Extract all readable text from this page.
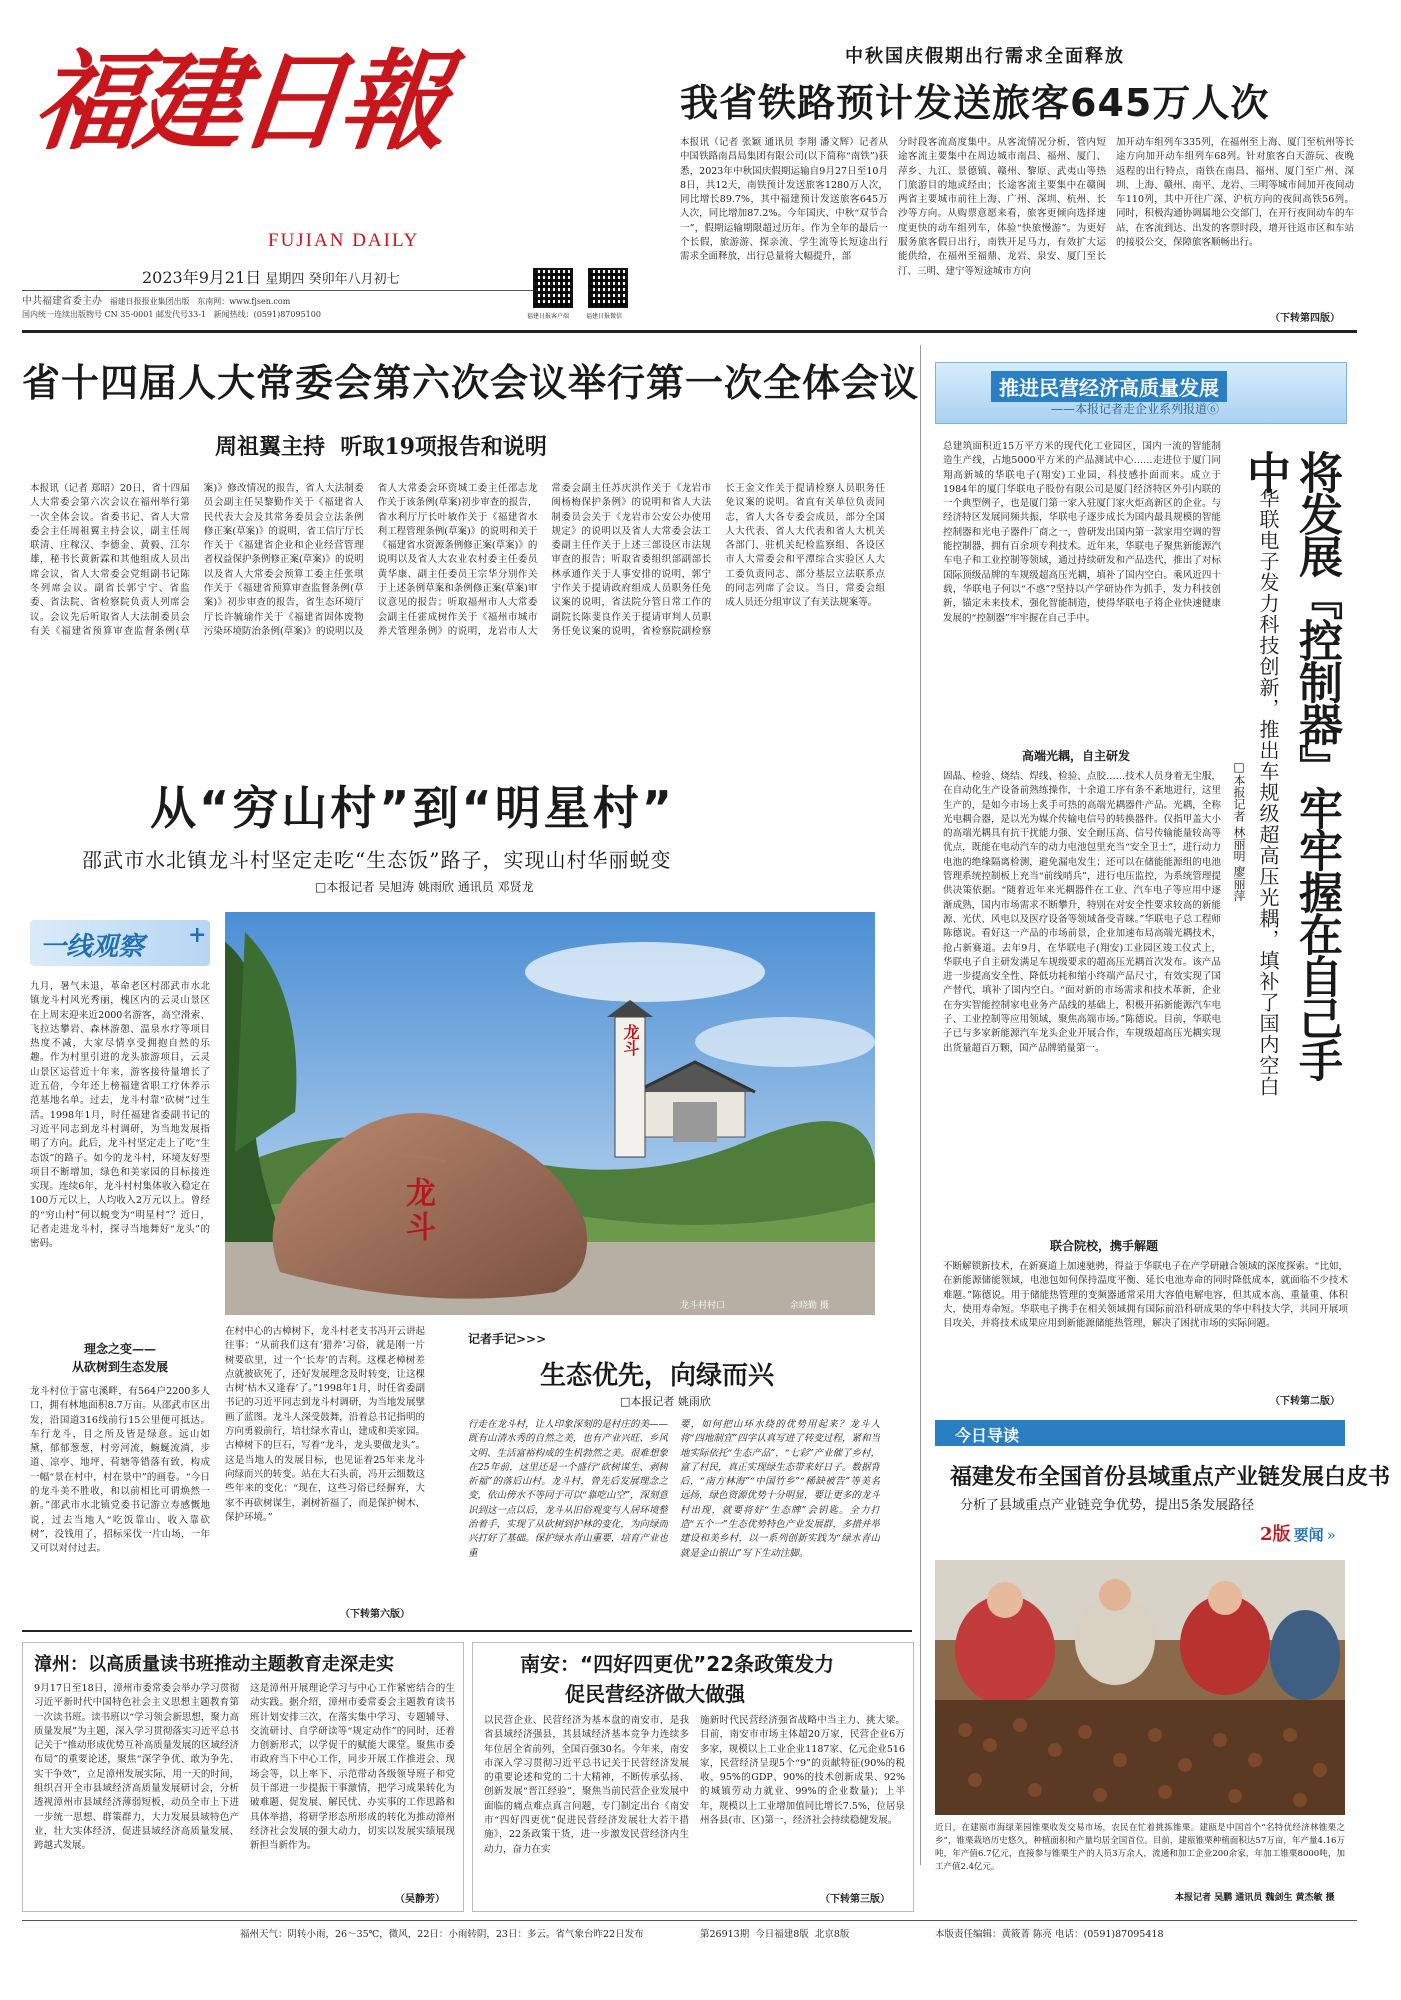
福建日報
FUJIAN DAILY
2023年9月21日 星期四 癸卯年八月初七
中共福建省委主办 福建日报报业集团出版 东南网：www.fjsen.com
国内统一连续出版物号 CN 35-0001 邮发代号33-1 新闻热线：(0591)87095100	福建日报客户端	福建日报微信
中秋国庆假期出行需求全面释放
我省铁路预计发送旅客645万人次
本报讯（记者 张颖 通讯员 李翔 潘文辉）记者从中国铁路南昌局集团有限公司(以下简称“南铁”)获悉，2023年中秋国庆假期运输自9月27日至10月8日，共12天，南铁预计发送旅客1280万人次，同比增长89.7%，其中福建预计发送旅客645万人次，同比增加87.2%。今年国庆、中秋“双节合一”，假期运输期限超过历年。作为全年的最后一个长假，旅游游、探亲流、学生流等长短途出行需求全面释放，出行总量将大幅提升，部
分时段客流高度集中。从客流情况分析，管内短途客流主要集中在周边城市南昌、福州、厦门、萍乡、九江、景德镇、赣州、黎原、武夷山等热门旅游目的地或经由；长途客流主要集中在赣闽两省主要城市前往上海、广州、深圳、杭州、长沙等方向。从购票意愿来看，旅客更倾向选择速度更快的动车组列车，体验“快旅慢游”。为更好服务旅客假日出行，南铁开足马力，有效扩大运能供给，在福州至福鼎、龙岩、泉安、厦门至长汀、三明、建宁等短途城市方向
加开动车组列车335列，在福州至上海、厦门至杭州等长途方向加开动车组列车68列。针对旅客白天游玩、夜晚返程的出行特点，南铁在南昌、福州、厦门至广州、深圳、上海、赣州、南平、龙岩、三明等城市间加开夜间动车110列，其中开往广深、沪杭方向的夜间高铁56列。同时，积极沟通协调属地公交部门，在开行夜间动车的车站，在客流到达、出发的客票时段，增开往返市区和车站的接驳公交，保障旅客顺畅出行。
（下转第四版）
省十四届人大常委会第六次会议举行第一次全体会议
周祖翼主持  听取19项报告和说明
本报讯（记者 郑昭）20日，省十四届人大常委会第六次会议在福州举行第一次全体会议。省委书记、省人大常委会主任周祖翼主持会议，副主任周联清、庄稼汉、李德金、黄毅、江尔雄，秘书长黄新霖和其他组成人员出席会议，省人大常委会党组副书记陈冬列席会议。副省长郭宁宁、省监委、省法院、省检察院负责人列席会议。会议先后听取省人大法制委员会有关《福建省预算审查监督条例(草案)》修改情况的报告，省人大法制委员会副主任吴黎勤作关于《福建省人民代表大会及其常务委员会立法条例修正案(草案)》的说明，省工信厅厅长作关于《福建省企业和企业经营管理者权益保护条例修正案(草案)》的说明以及省人大常委会预算工委主任张琪作关于《福建省预算审查监督条例(草案)》初步审查的报告，省生态环境厅厅长许毓瑜作关于《福建省固体废物污染环境防治条例(草案)》的说明以及省人大常委会环资城工委主任邵志龙作关于该条例(草案)初步审查的报告，省水利厅厅长叶敏作关于《福建省水利工程管理条例(草案)》的说明和关于《福建省水资源条例修正案(草案)》的说明以及省人大农业农村委主任委员黄华康、副主任委员王宗华分别作关于上述条例草案和条例修正案(草案)审议意见的报告；听取福州市人大常委会副主任霍成树作关于《福州市城市养犬管理条例》的说明，龙岩市人大常委会副主任苏庆洪作关于《龙岩市闽杨梅保护条例》的说明和省人大法制委员会关于《龙岩市公安公办使用规定》的说明以及省人大常委会法工委副主任作关于上述三部设区市法规审查的报告；听取省委组织部副部长林承通作关于人事安排的说明，郭宁宁作关于提请政府组成人员职务任免议案的说明，省法院分管日常工作的副院长陈斐良作关于提请审判人员职务任免议案的说明，省检察院副检察长王金文作关于提请检察人员职务任免议案的说明。省直有关单位负责同志，省人大各专委会成员，部分全国人大代表、省人大代表和省人大机关各部门、驻机关纪检监察组、各设区市人大常委会和平潭综合实验区人大工委负责同志、部分基层立法联系点的同志列席了会议。当日，常委会组成人员还分组审议了有关法规案等。
推进民营经济高质量发展
——本报记者走企业系列报道⑥
总建筑面积近15万平方米的现代化工业园区，国内一流的智能制造生产线，占地5000平方米的产品测试中心……走进位于厦门同翔高新城的华联电子(翔安)工业园，科技感扑面而来。成立于1984年的厦门华联电子股份有限公司是厦门经济特区外引内联的一个典型例子，也是厦门第一家入驻厦门家火炬高新区的企业。与经济特区发展同频共振，华联电子逐步成长为国内最具规模的智能控制器和光电子器件厂商之一，曾研发出国内第一款家用空调的智能控制器，拥有百余项专利技术。近年来，华联电子聚焦新能源汽车电子和工业控制等领域，通过持续研发和产品迭代，推出了对标国际顶级品牌的车规级超高压光耦，填补了国内空白。乘风近四十载，华联电子何以“不惑”?坚持以产学研协作为抓手，发力科技创新，锚定未来技术，强化智能制造，使得华联电子将企业快速健康发展的“控制器”牢牢握在自己手中。	将发展『控制器』牢牢握在自己手中
华联电子发力科技创新，推出车规级超高压光耦，填补了国内空白
□本报记者 林丽明 廖丽萍
高端光耦，自主研发
固晶、检验、烧结、焊线、检验、点胶……技术人员身着无尘服，在自动化生产设备前熟练操作，十余道工序有条不紊地进行，这里生产的，是如今市场上炙手可热的高端光耦器件产品。光耦，全称光电耦合器，是以光为媒介传输电信号的转换器件。仅指甲盖大小的高端光耦具有抗干扰能力强、安全耐压高、信号传输能量较高等优点，既能在电动汽车的动力电池包里充当“安全卫士”，进行动力电池的绝缘隔离检测，避免漏电发生；还可以在储能能源组的电池管理系统控制板上充当“前线哨兵”，进行电压监控，为系统管理提供决策依据。“随着近年来光耦器件在工业、汽车电子等应用中逐渐成熟，国内市场需求不断攀升，特别在对安全性要求较高的新能源、光伏、风电以及医疗设备等领域备受青睐。”华联电子总工程师陈德说。看好这一产品的市场前景，企业加速布局高端光耦技术，抢占新赛道。去年9月，在华联电子(翔安)工业园区竣工仪式上，华联电子自主研发满足车规级要求的超高压光耦首次发布。该产品进一步提高安全性、降低功耗和缩小终端产品尺寸，有效实现了国产替代，填补了国内空白。“面对新的市场需求和技术革新，企业在夯实智能控制家电业务产品线的基础上，积极开拓新能源汽车电子、工业控制等应用领域，聚焦高端市场。”陈德说。目前，华联电子已与多家新能源汽车龙头企业开展合作，车规级超高压光耦实现出货量超百万颗，国产品牌销量第一。
联合院校，携手解题
不断解锁新技术，在新赛道上加速驰骋，得益于华联电子在产学研融合领域的深度探索。“比如，在新能源储能领域，电池包如何保持温度平衡、延长电池寿命的同时降低成本，就面临不少技术难题。”陈德说。用于储能热管理的变频器通常采用大容值电解电容，但其成本高、重量重、体积大，使用寿命短。华联电子携手在相关领域拥有国际前沿科研成果的华中科技大学，共同开展项目攻关，并将技术成果应用到新能源储能热管理，解决了困扰市场的实际问题。
（下转第二版）
从“穷山村”到“明星村”
邵武市水北镇龙斗村坚定走吃“生态饭”路子，实现山村华丽蜕变
□本报记者 吴旭涛 姚雨欣 通讯员 邓贤龙
一线观察 +
九月，暑气未退，革命老区村邵武市水北镇龙斗村风光秀丽，槐区内的云灵山景区在上周末迎来近2000名游客，高空滑索、飞拉达攀岩、森林游憩、温泉水疗等项目热度不减，大家尽情享受拥抱自然的乐趣。作为村里引进的龙头旅游项目，云灵山景区运营近十年来，游客接待量增长了近五倍，今年还上榜福建省职工疗休养示范基地名单。过去，龙斗村靠“砍树”过生活。1998年1月，时任福建省委副书记的习近平同志到龙斗村调研，为当地发展指明了方向。此后，龙斗村坚定走上了吃“生态饭”的路子。如今的龙斗村，环境友好型项目不断增加，绿色和美家园的目标接连实现。连续6年，龙斗村村集体收入稳定在100万元以上，人均收入2万元以上。曾经的“穷山村”何以蜕变为“明星村”？近日，记者走进龙斗村，探寻当地舞好“龙头”的密码。
理念之变——
从砍树到生态发展
龙斗村位于富屯溪畔，有564户2200多人口，拥有林地面积8.7万亩。从邵武市区出发，沿国道316线前行15公里便可抵达。车行龙斗，目之所及皆是绿意。远山如黛，郁郁葱葱，村旁河流，蜿蜒流淌，步道、凉亭、地坪、荷塘等错落有致，构成一幅“景在村中，村在景中”的画卷。“今日的龙斗美不胜收，和以前相比可谓焕然一新。”邵武市水北镇党委书记游立寿感慨地说，过去当地人“吃饭靠山、收入靠砍树”，没钱用了，招标采伐一片山场，一年又可以对付过去。
龙斗
龙斗
龙斗村村口	余晓勤 摄
在村中心的古樟树下，龙斗村老支书冯开云讲起往事：“从前我们这有‘猎养’习俗，就是刚一片树要砍里，过一个‘长寿’的吉利。这棵老樟树差点就被砍死了，还好发展理念及时转变，让这棵古树‘枯木又逢春’了。”1998年1月，时任省委副书记的习近平同志到龙斗村调研，为当地发展擘画了蓝图。龙斗人深受鼓舞，沿着总书记指明的方向勇毅前行，培壮绿水青山，建成和美家园。古樟树下的巨石，写着“龙斗，龙头要做龙头”。这是当地人的发展目标，也见证着25年来龙斗向绿而兴的转变。站在大石头前，冯开云细数这些年来的变化：“现在，这些习俗已经摒弃，大家不再砍树谋生，剥树祈福了，而是保护树木、保护环境。”
（下转第六版）
记者手记>>>
生态优先，向绿而兴
□本报记者 姚雨欣
行走在龙斗村，让人印象深刻的是村庄的美——既有山清水秀的自然之美，也有产业兴旺、乡风文明、生活富裕构成的生机勃然之美。很难想象在25年前，这里还是一个盛行“砍树谋生、剥树祈福”的落后山村。龙斗村，曾先后发展理念之变，依山傍水不等同于可以“靠吃山空”，深刻意识到这一点以后，龙斗从旧俗观变与人居环境整治着手，实现了从砍树到护林的变化，为向绿而兴打好了基础。保护绿水青山重要，培育产业也重
要，如何把山环水绕的优势用起来？龙斗人将“四地制宜”四字认真写进了转变过程，紧和当地实际依托“生态产品”，“七彩”产业催了乡村，富了村民，真正实现绿生态带来好日子。数据背后，“南方林海”“中国竹乡”“稀缺被告”等美名远扬，绿色资源优势十分明显，要让更多的龙斗村出现，就要将好“生态牌”会钥匙。全力打造“五个一”生态优势特色产业发展群，多措并举建设和美乡村，以一系列创新实践为“绿水青山就是金山银山”写下生动注脚。
今日导读
福建发布全国首份县域重点产业链发展白皮书
分析了县域重点产业链竞争优势，提出5条发展路径
2版 要闻 »
近日，在建瓯市海绿莱园锥栗收发交易市场，农民在忙着挑拣锥栗。建瓯是中国首个“名特优经济林锥栗之乡”，锥栗栽培历史悠久，种植面积和产量均居全国首位。目前，建瓯锥栗种植面积达57万亩，年产量4.16万吨，年产值6.7亿元，直接参与锥栗生产的人员3万余人，流通和加工企业200余家，年加工锥栗8000吨，加工产值2.4亿元。
本报记者 吴鹏 通讯员 魏剑生 黄杰敏 摄
漳州：以高质量读书班推动主题教育走深走实
9月17日至18日，漳州市委常委会举办学习贯彻习近平新时代中国特色社会主义思想主题教育第一次读书班。读书班以“学习领会新思想，聚力高质量发展”为主题，深入学习贯彻落实习近平总书记关于“推动形成优势互补高质量发展的区域经济布局”的重要论述，聚焦“深学争优、敢为争先、实干争效”，立足漳州发展实际，用一天的时间，组织召开全市县域经济高质量发展研讨会，分析透视漳州市县域经济薄弱短板，动员全市上下进一步统一思想、群策群力，大力发展县域特色产业，壮大实体经济，促进县域经济高质量发展、跨越式发展。
这是漳州开展理论学习与中心工作紧密结合的生动实践。据介绍，漳州市委常委会主题教育读书班计划安排三次，在落实集中学习、专题辅导、交流研讨、自学研读等“规定动作”的同时，还着力创新形式，以学促干的赋能大课堂。聚焦市委市政府当下中心工作，同步开展工作推进会、现场会等，以上率下、示范带动各级领导班子和党员干部进一步提振干事激情，把学习成果转化为破难题、促发展、解民忧、办实事的工作思路和具体举措，将研学形态所形成的转化为推动漳州经济社会发展的强大动力，切实以发展实绩展现新担当新作为。
（吴静芳）
南安：“四好四更优”22条政策发力
促民营经济做大做强
以民营企业、民营经济为基本盘的南安市，是我省县域经济强县，其县域经济基本竞争力连续多年位居全省前列，全国百强30名。今年来，南安市深入学习贯彻习近平总书记关于民营经济发展的重要论述和党的二十大精神，不断传承弘扬、创新发展“晋江经验”，聚焦当前民营企业发展中面临的痛点难点真言问题，专门制定出台《南安市“四好四更优”促进民营经济发展壮大若干措施》，22条政策干货，进一步激发民营经济内生动力，奋力在实
施新时代民营经济强省战略中当主力、挑大梁。目前，南安市市场主体超20万家，民营企业6万多家，规模以上工业企业1187家、亿元企业516家，民营经济呈现5个“9”的贡献特征(90%的税收、95%的GDP、90%的技术创新成果、92%的城镇劳动力就业、99%的企业数量)；上半年，规模以上工业增加值同比增长7.5%，位居泉州各县(市、区)第一，经济社会持续稳健发展。
（下转第三版）
福州天气：阴转小雨，26～35℃，微风，22日：小雨转阴，23日：多云。省气象台昨22日发布	第26913期  今日福建8版  北京8版	本版责任编辑：黄筱菁 陈亮 电话：(0591)87095418
